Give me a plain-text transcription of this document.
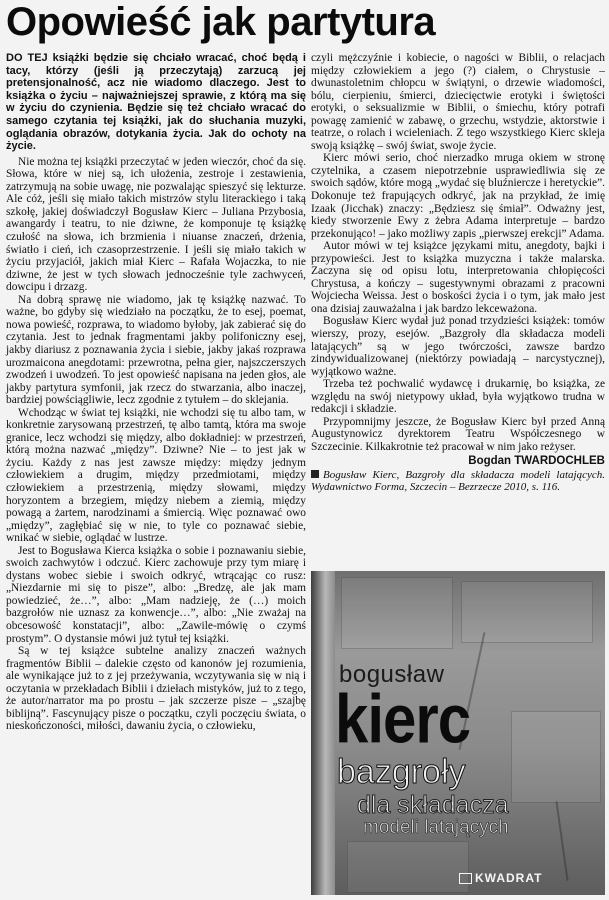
Opowieść jak partytura

DO TEJ książki będzie się chciało wracać, choć będą i tacy, którzy (jeśli ją przeczytają) zarzucą jej pretensjonalność, acz nie wiadomo dlaczego. Jest to książka o życiu – najważniejszej sprawie, z którą ma się w życiu do czynienia. Będzie się też chciało wracać do samego czytania tej książki, jak do słuchania muzyki, oglądania obrazów, dotykania życia. Jak do ochoty na życie.

Nie można tej książki przeczytać w jeden wieczór, choć da się. Słowa, które w niej są, ich ułożenia, zestroje i zestawienia, zatrzymują na sobie uwagę, nie pozwalając spieszyć się lekturze. Ale cóż, jeśli się miało takich mistrzów stylu literackiego i taką szkołę, jakiej doświadczył Bogusław Kierc – Juliana Przybosia, awangardy i teatru, to nie dziwne, że komponuje tę książkę czułość na słowa, ich brzmienia i niuanse znaczeń, drżenia, światło i cień, ich czasoprzestrzenie. I jeśli się miało takich w życiu przyjaciół, jakich miał Kierc – Rafała Wojaczka, to nie dziwne, że jest w tych słowach jednocześnie tyle zachwyceń, dowcipu i drzazg.

Na dobrą sprawę nie wiadomo, jak tę książkę nazwać. To ważne, bo gdyby się wiedziało na początku, że to esej, poemat, nowa powieść, rozprawa, to wiadomo byłoby, jak zabierać się do czytania. Jest to jednak fragmentami jakby polifoniczny esej, jakby diariusz z poznawania życia i siebie, jakby jakaś rozprawa urozmaicona anegdotami: przewrotna, pełna gier, najszczerszych zwodzeń i uwodzeń. To jest opowieść napisana na jeden głos, ale jakby partytura symfonii, jak rzecz do stwarzania, albo inaczej, bardziej powściągliwie, lecz zgodnie z tytułem – do sklejania.

Wchodząc w świat tej książki, nie wchodzi się tu albo tam, w konkretnie zarysowaną przestrzeń, tę albo tamtą, która ma swoje granice, lecz wchodzi się między, albo dokładniej: w przestrzeń, którą można nazwać „między”. Dziwne? Nie – to jest jak w życiu. Każdy z nas jest zawsze między: między jednym człowiekiem a drugim, między przedmiotami, między człowiekiem a przestrzenią, między słowami, między horyzontem a brzegiem, między niebem a ziemią, między powagą a żartem, narodzinami a śmiercią. Więc poznawać owo „między”, zagłębiać się w nie, to tyle co poznawać siebie, wnikać w siebie, oglądać w lustrze.

Jest to Bogusława Kierca książka o sobie i poznawaniu siebie, swoich zachwytów i odczuć. Kierc zachowuje przy tym miarę i dystans wobec siebie i swoich odkryć, wtrącając co rusz: „Niezdarnie mi się to pisze”, albo: „Bredzę, ale jak mam powiedzieć, że…”, albo: „Mam nadzieję, że (…) moich bazgrołów nie uznasz za konwencje…”, albo: „Nie zważaj na obcesowość konstatacji”, albo: „Zawile-mówię o czymś prostym”. O dystansie mówi już tytuł tej książki.

Są w tej książce subtelne analizy znaczeń ważnych fragmentów Biblii – dalekie często od kanonów jej rozumienia, ale wynikające już to z jej przeżywania, wczytywania się w nią i oczytania w przekładach Biblii i dziełach mistyków, już to z tego, że autor/narrator ma po prostu – jak szczerze pisze – „szajbę biblijną”. Fascynujący pisze o początku, czyli poczęciu świata, o nieskończoności, miłości, dawaniu życia, o człowieku,

czyli mężczyźnie i kobiecie, o nagości w Biblii, o relacjach między człowiekiem a jego (?) ciałem, o Chrystusie – dwunastoletnim chłopcu w świątyni, o drzewie wiadomości, bólu, cierpieniu, śmierci, dziecięctwie erotyki i świętości erotyki, o seksualizmie w Biblii, o śmiechu, który potrafi powagę zamienić w zabawę, o grzechu, wstydzie, aktorstwie i teatrze, o rolach i wcieleniach. Z tego wszystkiego Kierc skleja swoją książkę – swój świat, swoje życie.

Kierc mówi serio, choć nierzadko mruga okiem w stronę czytelnika, a czasem niepotrzebnie usprawiedliwia się ze swoich sądów, które mogą „wydać się bluźniercze i heretyckie”. Dokonuje też frapujących odkryć, jak na przykład, że imię Izaak (Jicchak) znaczy: „Będziesz się śmiał”. Odważny jest, kiedy stworzenie Ewy z żebra Adama interpretuje – bardzo przekonująco! – jako możliwy zapis „pierwszej erekcji” Adama.

Autor mówi w tej książce językami mitu, anegdoty, bajki i przypowieści. Jest to książka muzyczna i także malarska. Zaczyna się od opisu lotu, interpretowania chłopięcości Chrystusa, a kończy – sugestywnymi obrazami z pracowni Wojciecha Weissa. Jest o boskości życia i o tym, jak mało jest ona dzisiaj zauważalna i jak bardzo lekceważona.

Bogusław Kierc wydał już ponad trzydzieści książek: tomów wierszy, prozy, esejów. „Bazgroły dla składacza modeli latających” są w jego twórczości, zawsze bardzo zindywidualizowanej (niektórzy powiadają – narcystycznej), wyjątkowo ważne.

Trzeba też pochwalić wydawcę i drukarnię, bo książka, ze względu na swój nietypowy układ, była wyjątkowo trudna w redakcji i składzie.

Przypomnijmy jeszcze, że Bogusław Kierc był przed Anną Augustynowicz dyrektorem Teatru Współczesnego w Szczecinie. Kilkakrotnie też pracował w nim jako reżyser.

Bogdan TWARDOCHLEB

Bogusław Kierc, Bazgroły dla składacza modeli latających. Wydawnictwo Forma, Szczecin – Bezrzecze 2010, s. 116.

bogusław
kierc
bazgroły
dla składacza
modeli latających
KWADRAT
